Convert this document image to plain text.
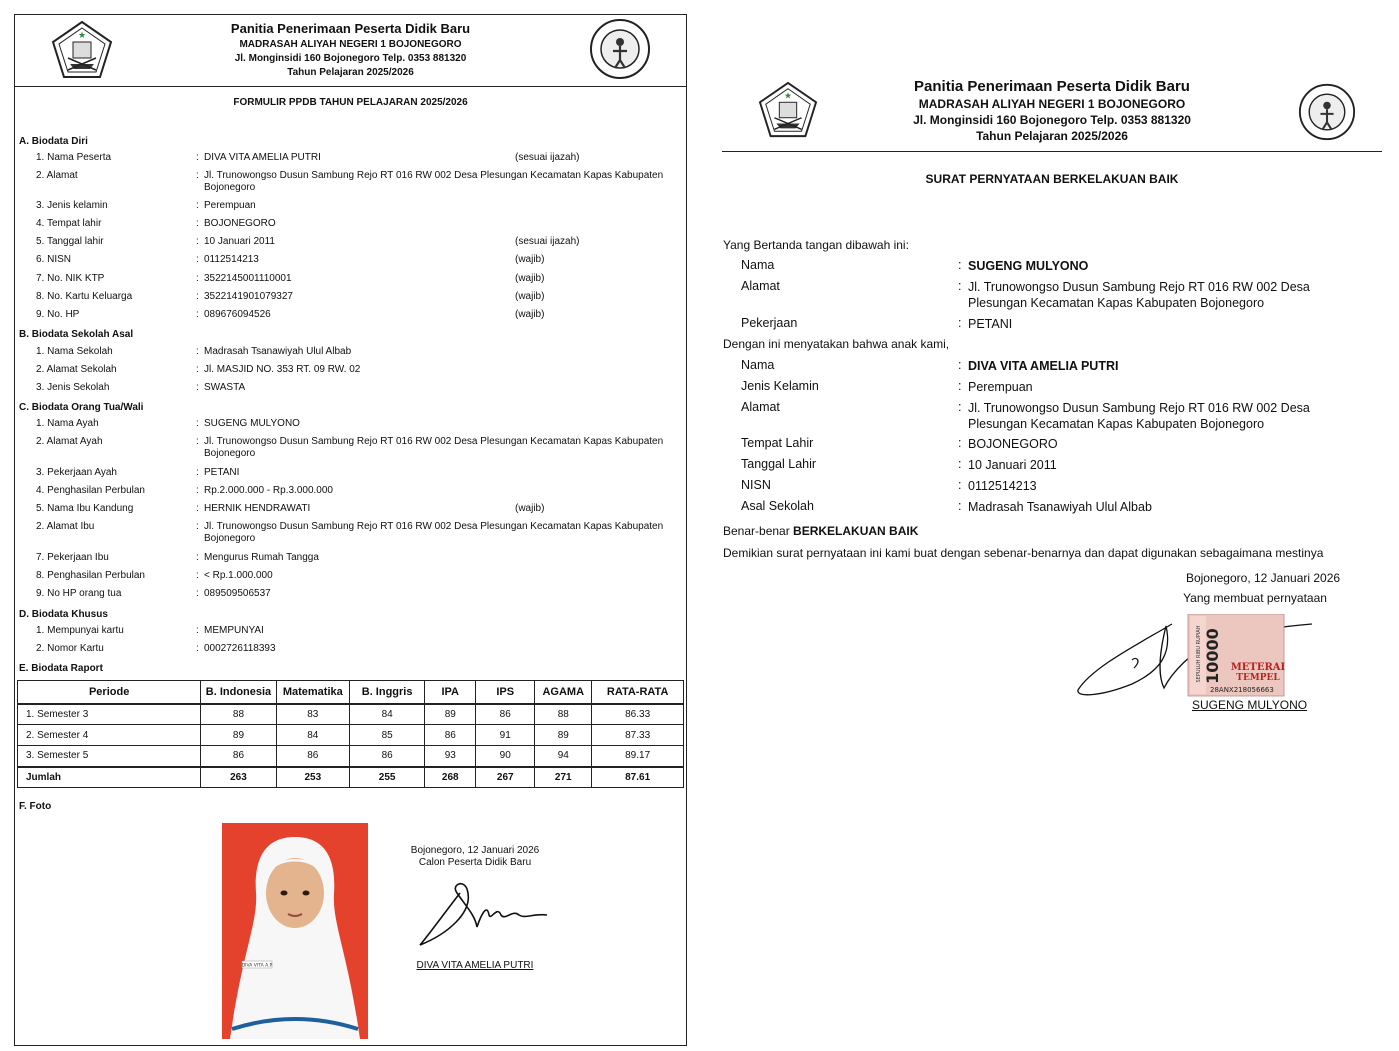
★	Panitia Penerimaan Peserta Didik Baru
MADRASAH ALIYAH NEGERI 1 BOJONEGORO
Jl. Monginsidi 160 Bojonegoro Telp. 0353 881320
Tahun Pelajaran 2025/2026
FORMULIR PPDB TAHUN PELAJARAN 2025/2026
A. Biodata Diri
1. Nama Peserta	: DIVA VITA AMELIA PUTRI	(sesuai ijazah)
2. Alamat	: Jl. Trunowongso Dusun Sambung Rejo RT 016 RW 002 Desa Plesungan Kecamatan Kapas Kabupaten Bojonegoro
3. Jenis kelamin	: Perempuan
4. Tempat lahir	: BOJONEGORO
5. Tanggal lahir	: 10 Januari 2011	(sesuai ijazah)
6. NISN	: 0112514213	(wajib)
7. No. NIK KTP	: 3522145001110001	(wajib)
8. No. Kartu Keluarga	: 3522141901079327	(wajib)
9. No. HP	: 089676094526	(wajib)
B. Biodata Sekolah Asal
1. Nama Sekolah	: Madrasah Tsanawiyah Ulul Albab
2. Alamat Sekolah	: Jl. MASJID NO. 353 RT. 09 RW. 02
3. Jenis Sekolah	: SWASTA
C. Biodata Orang Tua/Wali
1. Nama Ayah	: SUGENG MULYONO
2. Alamat Ayah	: Jl. Trunowongso Dusun Sambung Rejo RT 016 RW 002 Desa Plesungan Kecamatan Kapas Kabupaten Bojonegoro
3. Pekerjaan Ayah	: PETANI
4. Penghasilan Perbulan	: Rp.2.000.000 - Rp.3.000.000
5. Nama Ibu Kandung	: HERNIK HENDRAWATI	(wajib)
2. Alamat Ibu	: Jl. Trunowongso Dusun Sambung Rejo RT 016 RW 002 Desa Plesungan Kecamatan Kapas Kabupaten Bojonegoro
7. Pekerjaan Ibu	: Mengurus Rumah Tangga
8. Penghasilan Perbulan	: < Rp.1.000.000
9. No HP orang tua	: 089509506537
D. Biodata Khusus
1. Mempunyai kartu	: MEMPUNYAI
2. Nomor Kartu	: 0002726118393
E. Biodata Raport
Periode	B. Indonesia	Matematika	B. Inggris	IPA	IPS	AGAMA	RATA-RATA
1. Semester 3	88	83	84	89	86	88	86.33
2. Semester 4	89	84	85	86	91	89	87.33
3. Semester 5	86	86	86	93	90	94	89.17
Jumlah	263	253	255	268	267	271	87.61
F. Foto
DIVA VITA A.P
Bojonegoro, 12 Januari 2026
Calon Peserta Didik Baru
DIVA VITA AMELIA PUTRI
★
Panitia Penerimaan Peserta Didik Baru
MADRASAH ALIYAH NEGERI 1 BOJONEGORO
Jl. Monginsidi 160 Bojonegoro Telp. 0353 881320
Tahun Pelajaran 2025/2026
SURAT PERNYATAAN BERKELAKUAN BAIK
Yang Bertanda tangan dibawah ini:
Nama	: SUGENG MULYONO
Alamat	: Jl. Trunowongso Dusun Sambung Rejo RT 016 RW 002 Desa Plesungan Kecamatan Kapas Kabupaten Bojonegoro
Pekerjaan	: PETANI
Dengan ini menyatakan bahwa anak kami,
Nama	: DIVA VITA AMELIA PUTRI
Jenis Kelamin	: Perempuan
Alamat	: Jl. Trunowongso Dusun Sambung Rejo RT 016 RW 002 Desa Plesungan Kecamatan Kapas Kabupaten Bojonegoro
Tempat Lahir	: BOJONEGORO
Tanggal Lahir	: 10 Januari 2011
NISN	: 0112514213
Asal Sekolah	: Madrasah Tsanawiyah Ulul Albab
Benar-benar BERKELAKUAN BAIK
Demikian surat pernyataan ini kami buat dengan sebenar-benarnya dan dapat digunakan sebagaimana mestinya
Bojonegoro, 12 Januari 2026
Yang membuat pernyataan
SEPULUH RIBU RUPIAH 10000 METERAI
TEMPEL
28ANX218056663
SUGENG MULYONO
